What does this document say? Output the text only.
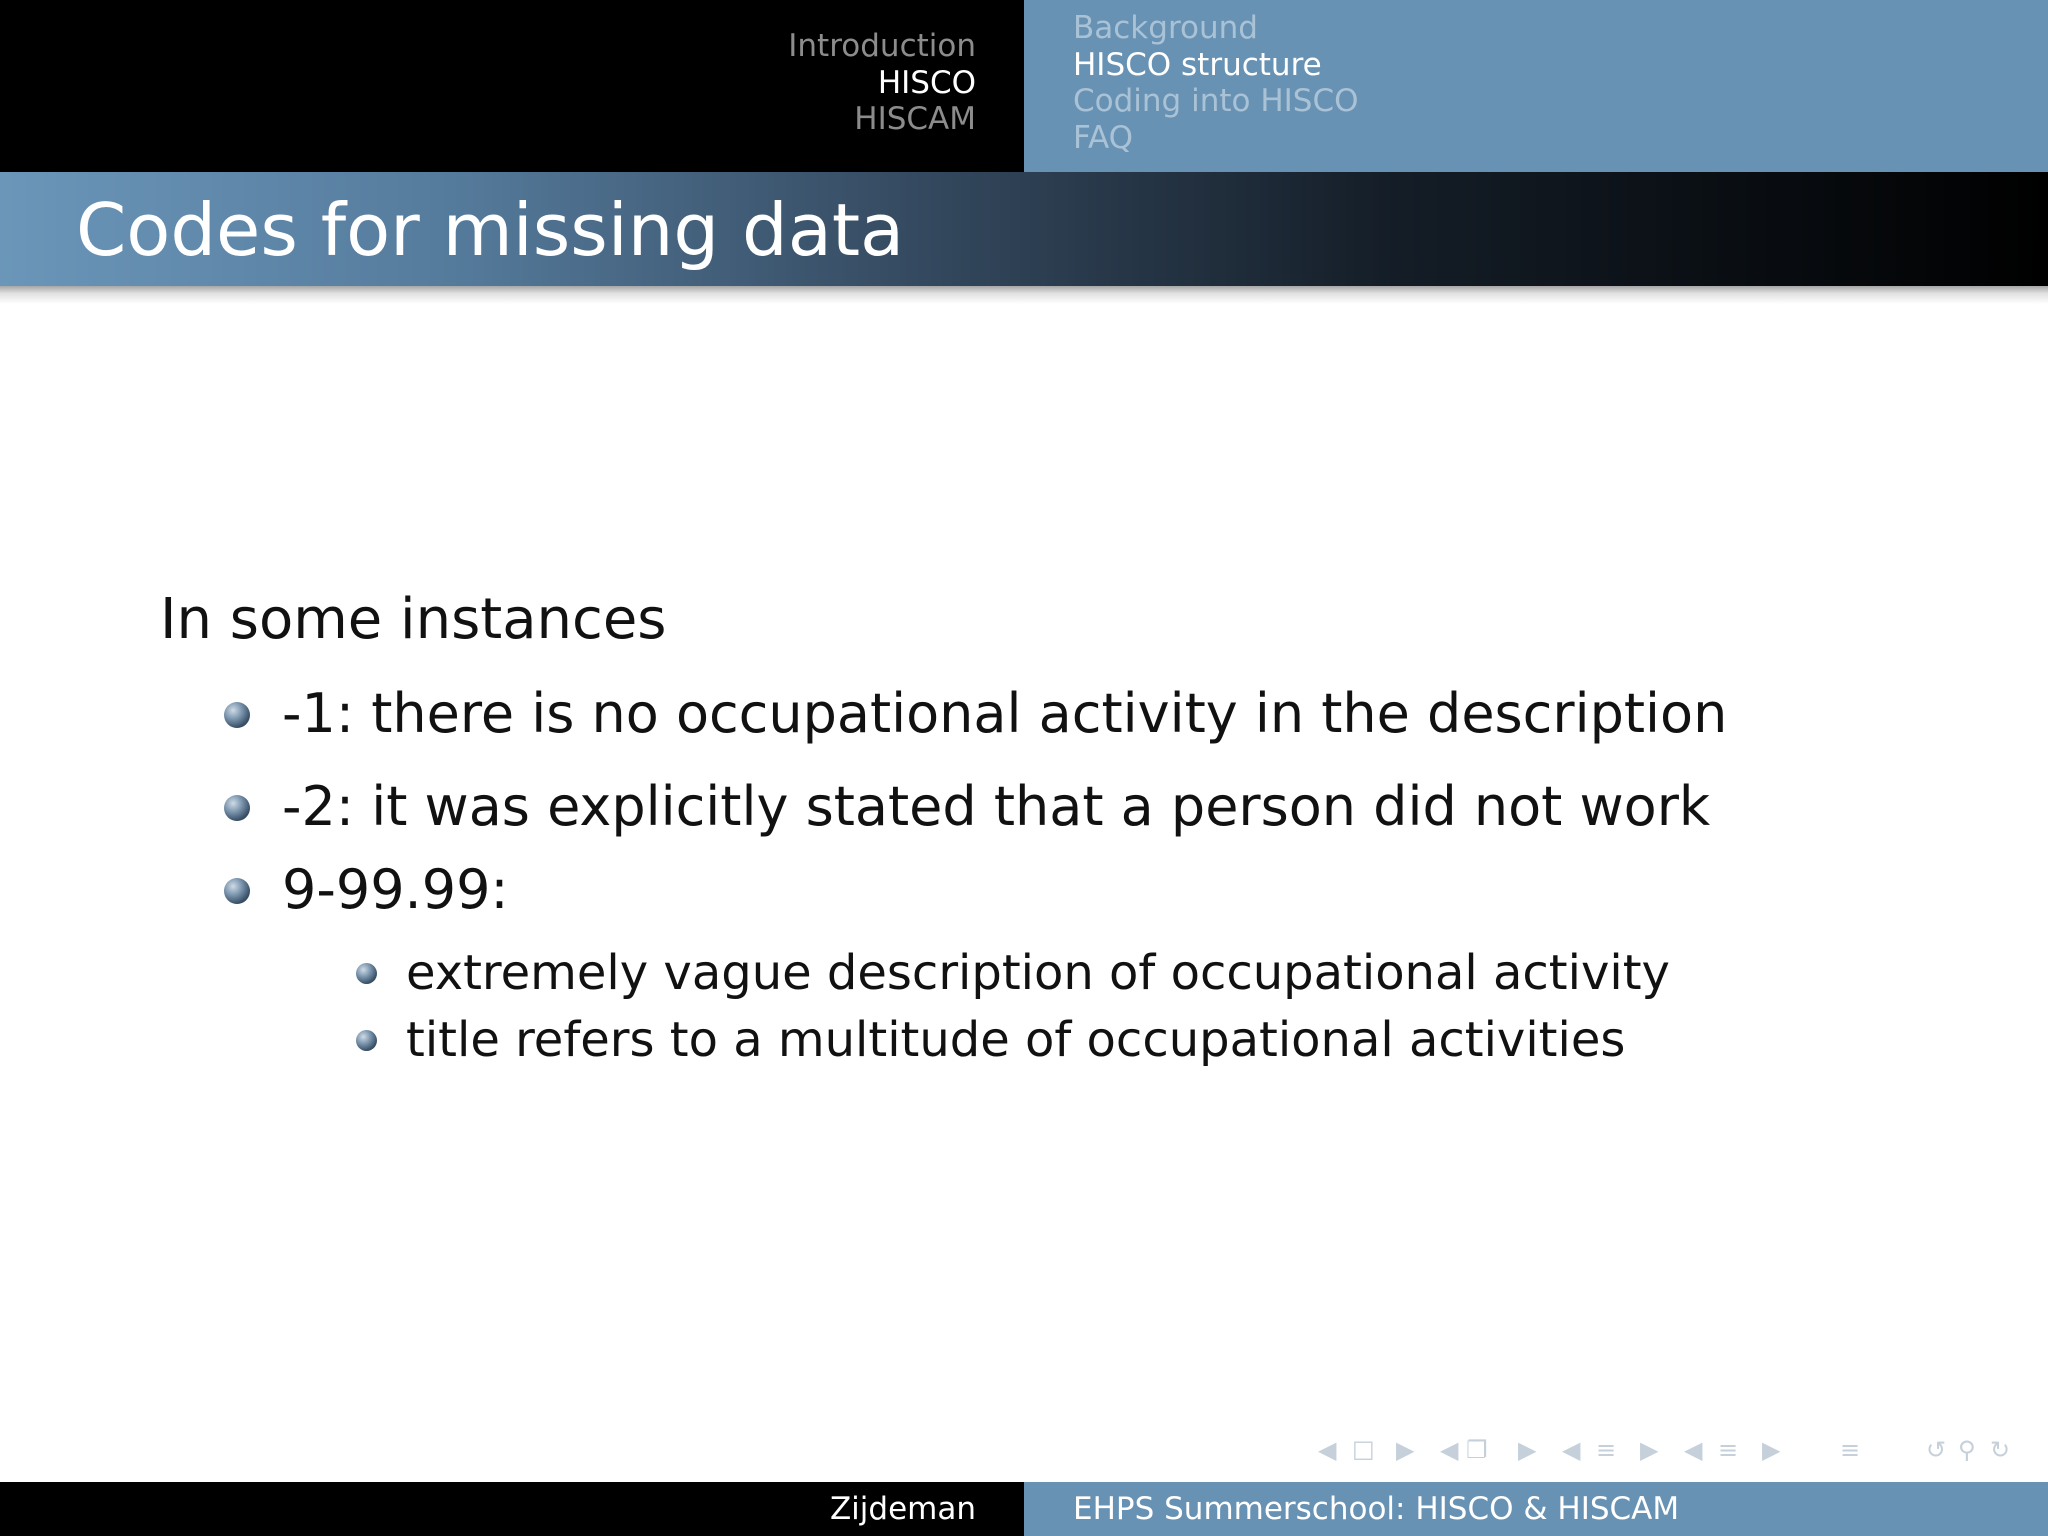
Introduction
HISCO
HISCAM
Background
HISCO structure
Coding into HISCO
FAQ
Codes for missing data
In some instances
-1: there is no occupational activity in the description
-2: it was explicitly stated that a person did not work
9-99.99:
extremely vague description of occupational activity
title refers to a multitude of occupational activities
◀ □ ▶ ◀ ❐ ▶ ◀ ≡ ▶ ◀ ≡ ▶ ≡	↺ ⚲ ↻
Zijdeman	EHPS Summerschool: HISCO & HISCAM
